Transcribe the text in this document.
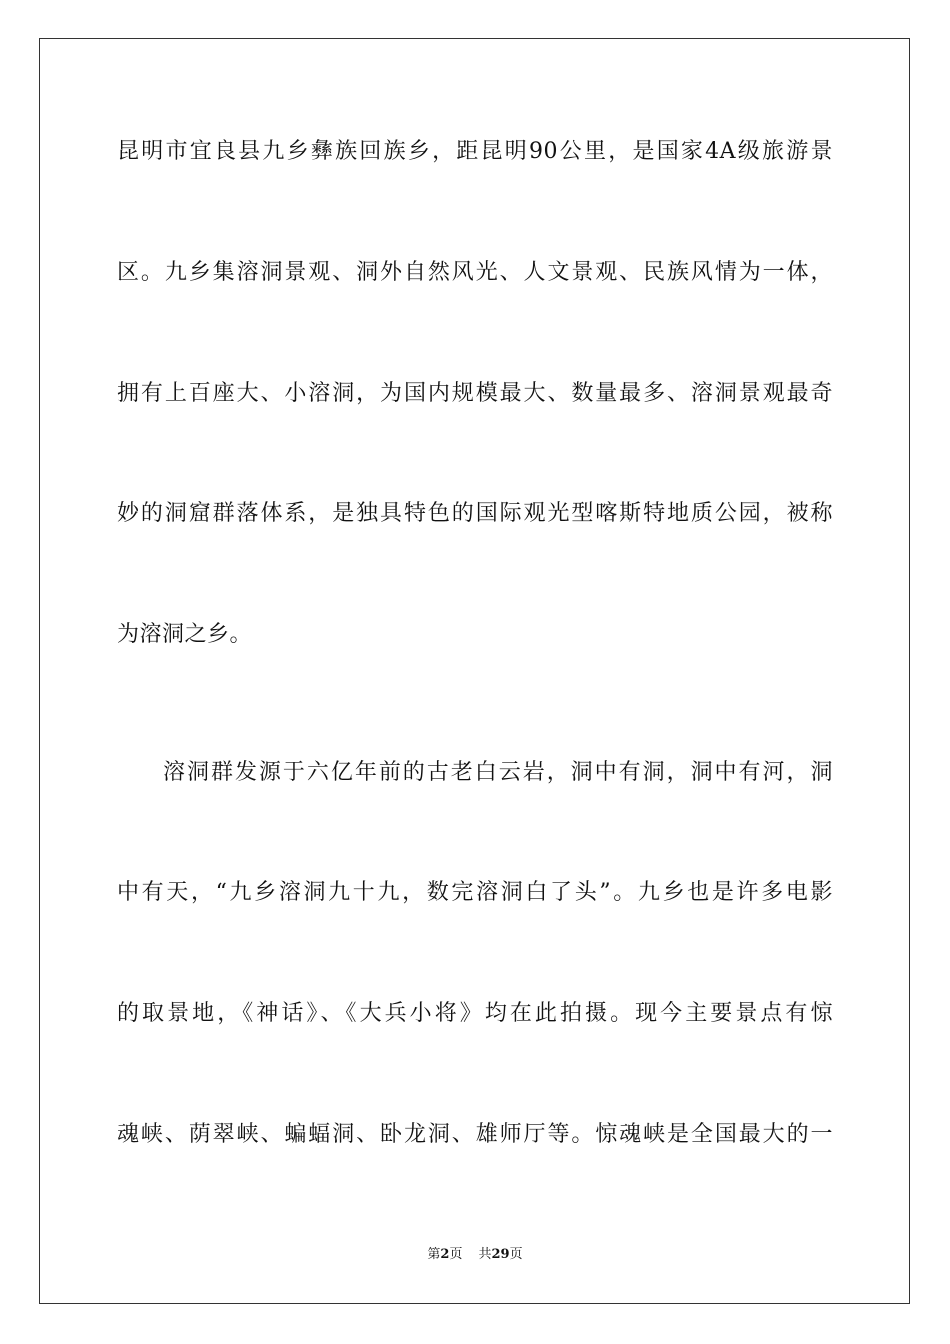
昆明市宜良县九乡彝族回族乡，距昆明90公里，是国家4A级旅游景
区。九乡集溶洞景观、洞外自然风光、人文景观、民族风情为一体，
拥有上百座大、小溶洞，为国内规模最大、数量最多、溶洞景观最奇
妙的洞窟群落体系，是独具特色的国际观光型喀斯特地质公园，被称
为溶洞之乡。
溶洞群发源于六亿年前的古老白云岩，洞中有洞，洞中有河，洞
中有天，“九乡溶洞九十九，数完溶洞白了头”。九乡也是许多电影
的取景地，《神话》、《大兵小将》均在此拍摄。现今主要景点有惊
魂峡、荫翠峡、蝙蝠洞、卧龙洞、雄师厅等。惊魂峡是全国最大的一
第2页 共29页
